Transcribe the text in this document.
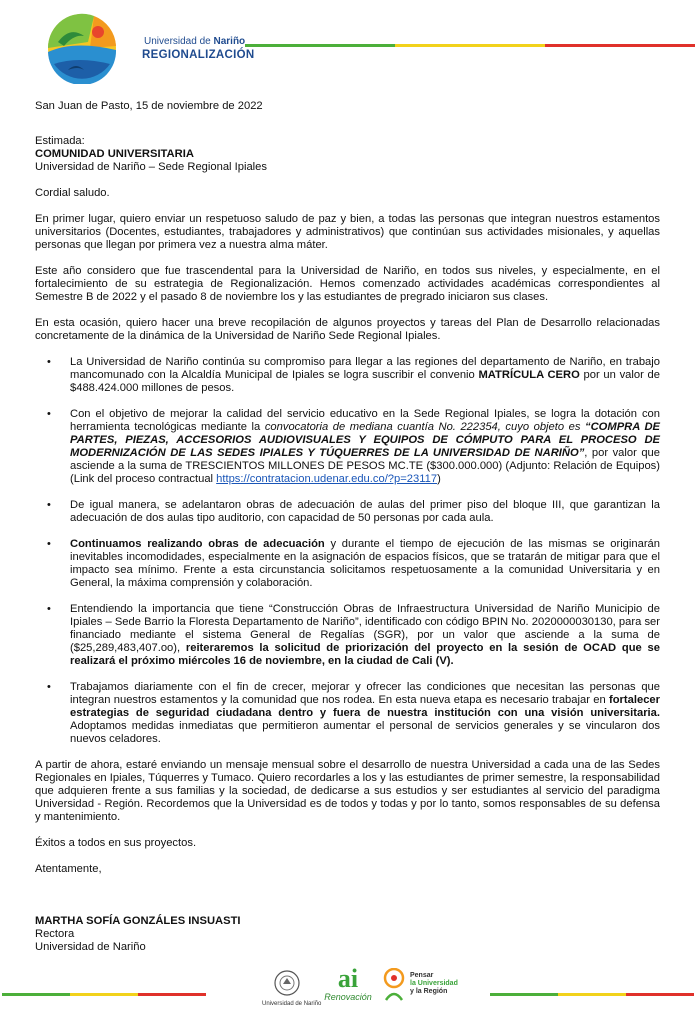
Universidad de Nariño
REGIONALIZACIÓN

San Juan de Pasto, 15 de noviembre de 2022

Estimada:

COMUNIDAD UNIVERSITARIA

Universidad de Nariño – Sede Regional Ipiales

Cordial saludo.

En primer lugar, quiero enviar un respetuoso saludo de paz y bien, a todas las personas que integran nuestros estamentos universitarios (Docentes, estudiantes, trabajadores y administrativos) que continúan sus actividades misionales, y aquellas personas que llegan por primera vez a nuestra alma máter.

Este año considero que fue trascendental para la Universidad de Nariño, en todos sus niveles, y especialmente, en el fortalecimiento de su estrategia de Regionalización. Hemos comenzado actividades académicas correspondientes al Semestre B de 2022 y el pasado 8 de noviembre los y las estudiantes de pregrado iniciaron sus clases.

En esta ocasión, quiero hacer una breve recopilación de algunos proyectos y tareas del Plan de Desarrollo relacionadas concretamente de la dinámica de la Universidad de Nariño Sede Regional Ipiales.

• La Universidad de Nariño continúa su compromiso para llegar a las regiones del departamento de Nariño, en trabajo mancomunado con la Alcaldía Municipal de Ipiales se logra suscribir el convenio MATRÍCULA CERO por un valor de $488.424.000 millones de pesos.
• Con el objetivo de mejorar la calidad del servicio educativo en la Sede Regional Ipiales, se logra la dotación con herramienta tecnológicas mediante la convocatoria de mediana cuantía No. 222354, cuyo objeto es “COMPRA DE PARTES, PIEZAS, ACCESORIOS AUDIOVISUALES Y EQUIPOS DE CÓMPUTO PARA EL PROCESO DE MODERNIZACIÓN DE LAS SEDES IPIALES Y TÚQUERRES DE LA UNIVERSIDAD DE NARIÑO”, por valor que asciende a la suma de TRESCIENTOS MILLONES DE PESOS MC.TE ($300.000.000) (Adjunto: Relación de Equipos) (Link del proceso contractual https://contratacion.udenar.edu.co/?p=23117)
• De igual manera, se adelantaron obras de adecuación de aulas del primer piso del bloque III, que garantizan la adecuación de dos aulas tipo auditorio, con capacidad de 50 personas por cada aula.
• Continuamos realizando obras de adecuación y durante el tiempo de ejecución de las mismas se originarán inevitables incomodidades, especialmente en la asignación de espacios físicos, que se tratarán de mitigar para que el impacto sea mínimo. Frente a esta circunstancia solicitamos respetuosamente a la comunidad Universitaria y en General, la máxima comprensión y colaboración.
• Entendiendo la importancia que tiene “Construcción Obras de Infraestructura Universidad de Nariño Municipio de Ipiales – Sede Barrio la Floresta Departamento de Nariño”, identificado con código BPIN No. 2020000030130, para ser financiado mediante el sistema General de Regalías (SGR), por un valor que asciende a la suma de ($25,289,483,407.oo), reiteraremos la solicitud de priorización del proyecto en la sesión de OCAD que se realizará el próximo miércoles 16 de noviembre, en la ciudad de Cali (V).
• Trabajamos diariamente con el fin de crecer, mejorar y ofrecer las condiciones que necesitan las personas que integran nuestros estamentos y la comunidad que nos rodea. En esta nueva etapa es necesario trabajar en fortalecer estrategias de seguridad ciudadana dentro y fuera de nuestra institución con una visión universitaria. Adoptamos medidas inmediatas que permitieron aumentar el personal de servicios generales y se vincularon dos nuevos celadores.

A partir de ahora, estaré enviando un mensaje mensual sobre el desarrollo de nuestra Universidad a cada una de las Sedes Regionales en Ipiales, Túquerres y Tumaco. Quiero recordarles a los y las estudiantes de primer semestre, la responsabilidad que adquieren frente a sus familias y la sociedad, de dedicarse a sus estudios y ser estudiantes al servicio del paradigma Universidad - Región. Recordemos que la Universidad es de todos y todas y por lo tanto, somos responsables de su defensa y mantenimiento.

Éxitos a todos en sus proyectos.

Atentamente,

MARTHA SOFÍA GONZÁLES INSUASTI

Rectora

Universidad de Nariño

Universidad de Nariño
ai
Renovación
Pensar
la Universidad
y la Región
